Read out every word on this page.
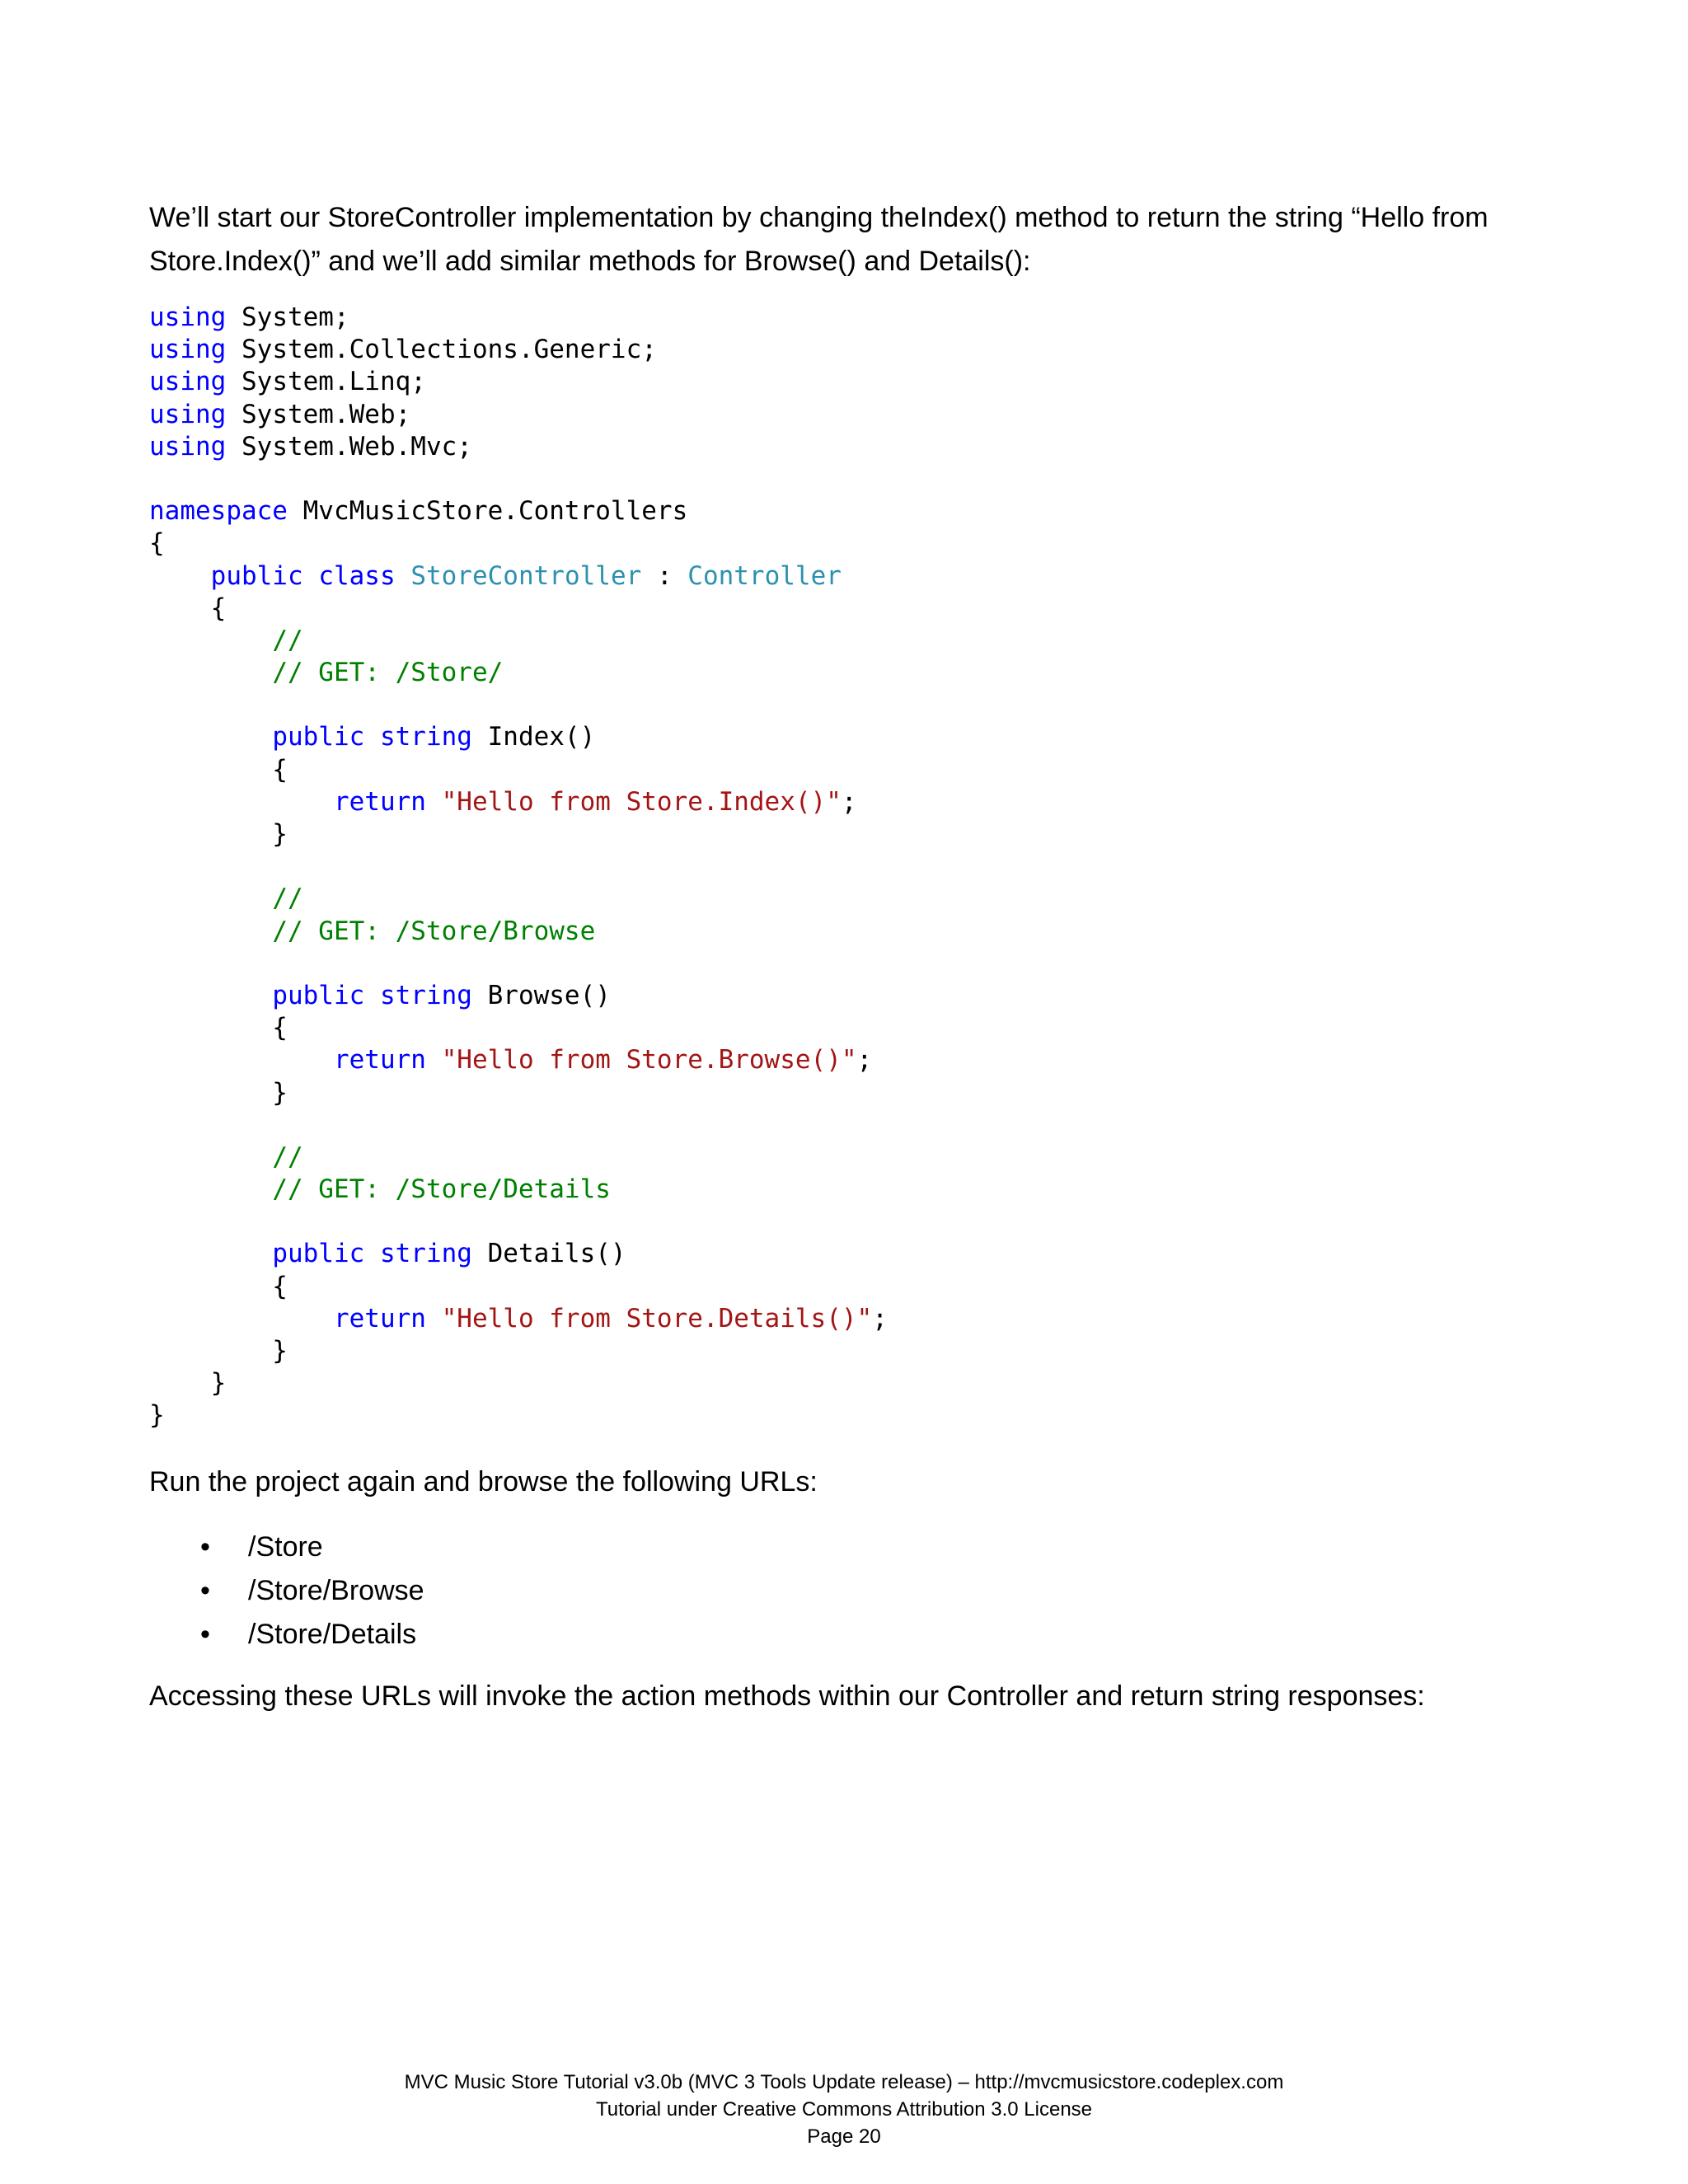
We’ll start our StoreController implementation by changing theIndex() method to return the string “Hello from Store.Index()” and we’ll add similar methods for Browse() and Details():

using System;
using System.Collections.Generic;
using System.Linq;
using System.Web;
using System.Web.Mvc;

namespace MvcMusicStore.Controllers
{
public class StoreController : Controller
{
//
// GET: /Store/

public string Index()
{
return "Hello from Store.Index()";
}

//
// GET: /Store/Browse

public string Browse()
{
return "Hello from Store.Browse()";
}

//
// GET: /Store/Details

public string Details()
{
return "Hello from Store.Details()";
}
}
}

Run the project again and browse the following URLs:

• /Store
• /Store/Browse
• /Store/Details

Accessing these URLs will invoke the action methods within our Controller and return string responses:

MVC Music Store Tutorial v3.0b (MVC 3 Tools Update release) – http://mvcmusicstore.codeplex.com
Tutorial under Creative Commons Attribution 3.0 License
Page 20
